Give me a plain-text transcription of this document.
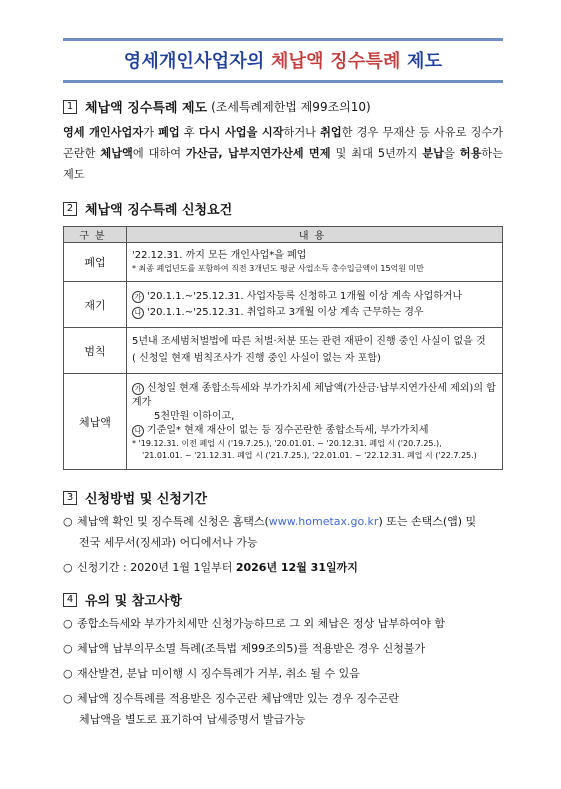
영세개인사업자의 체납액 징수특례 제도
1 체납액 징수특례 제도 (조세특례제한법 제99조의10)
영세 개인사업자가 폐업 후 다시 사업을 시작하거나 취업한 경우 무재산 등 사유로 징수가 곤란한 체납액에 대하여 가산금, 납부지연가산세 면제 및 최대 5년까지 분납을 허용하는 제도
2 체납액 징수특례 신청요건
구분	내용
폐업	'22.12.31. 까지 모든 개인사업*을 폐업
* 최종 폐업년도를 포함하여 직전 3개년도 평균 사업소득 총수입금액이 15억원 미만

재기	가 '20.1.1.~'25.12.31. 사업자등록 신청하고 1개월 이상 계속 사업하거나
나 '20.1.1.~'25.12.31. 취업하고 3개월 이상 계속 근무하는 경우

범칙	5년내 조세범처벌법에 따른 처벌·처분 또는 관련 재판이 진행 중인 사실이 없을 것
( 신청일 현재 범칙조사가 진행 중인 사실이 없는 자 포함)

체납액	가 신청일 현재 종합소득세와 부가가치세 체납액(가산금·납부지연가산세 제외)의 합계가
5천만원 이하이고,
나 기준일* 현재 재산이 없는 등 징수곤란한 종합소득세, 부가가치세
* '19.12.31. 이전 폐업 시 ('19.7.25.), '20.01.01. ~ '20.12.31. 폐업 시 ('20.7.25.),
'21.01.01. ~ '21.12.31. 폐업 시 ('21.7.25.), '22.01.01. ~ '22.12.31. 폐업 시 ('22.7.25.)
3 신청방법 및 신청기간
○ 체납액 확인 및 징수특례 신청은 홈택스(www.hometax.go.kr) 또는 손택스(앱) 및
전국 세무서(징세과) 어디에서나 가능
○ 신청기간 : 2020년 1월 1일부터 2026년 12월 31일까지
4 유의 및 참고사항
○ 종합소득세와 부가가치세만 신청가능하므로 그 외 체납은 정상 납부하여야 함
○ 체납액 납부의무소멸 특례(조특법 제99조의5)를 적용받은 경우 신청불가
○ 재산발견, 분납 미이행 시 징수특례가 거부, 취소 될 수 있음
○ 체납액 징수특례를 적용받은 징수곤란 체납액만 있는 경우 징수곤란
체납액을 별도로 표기하여 납세증명서 발급가능
